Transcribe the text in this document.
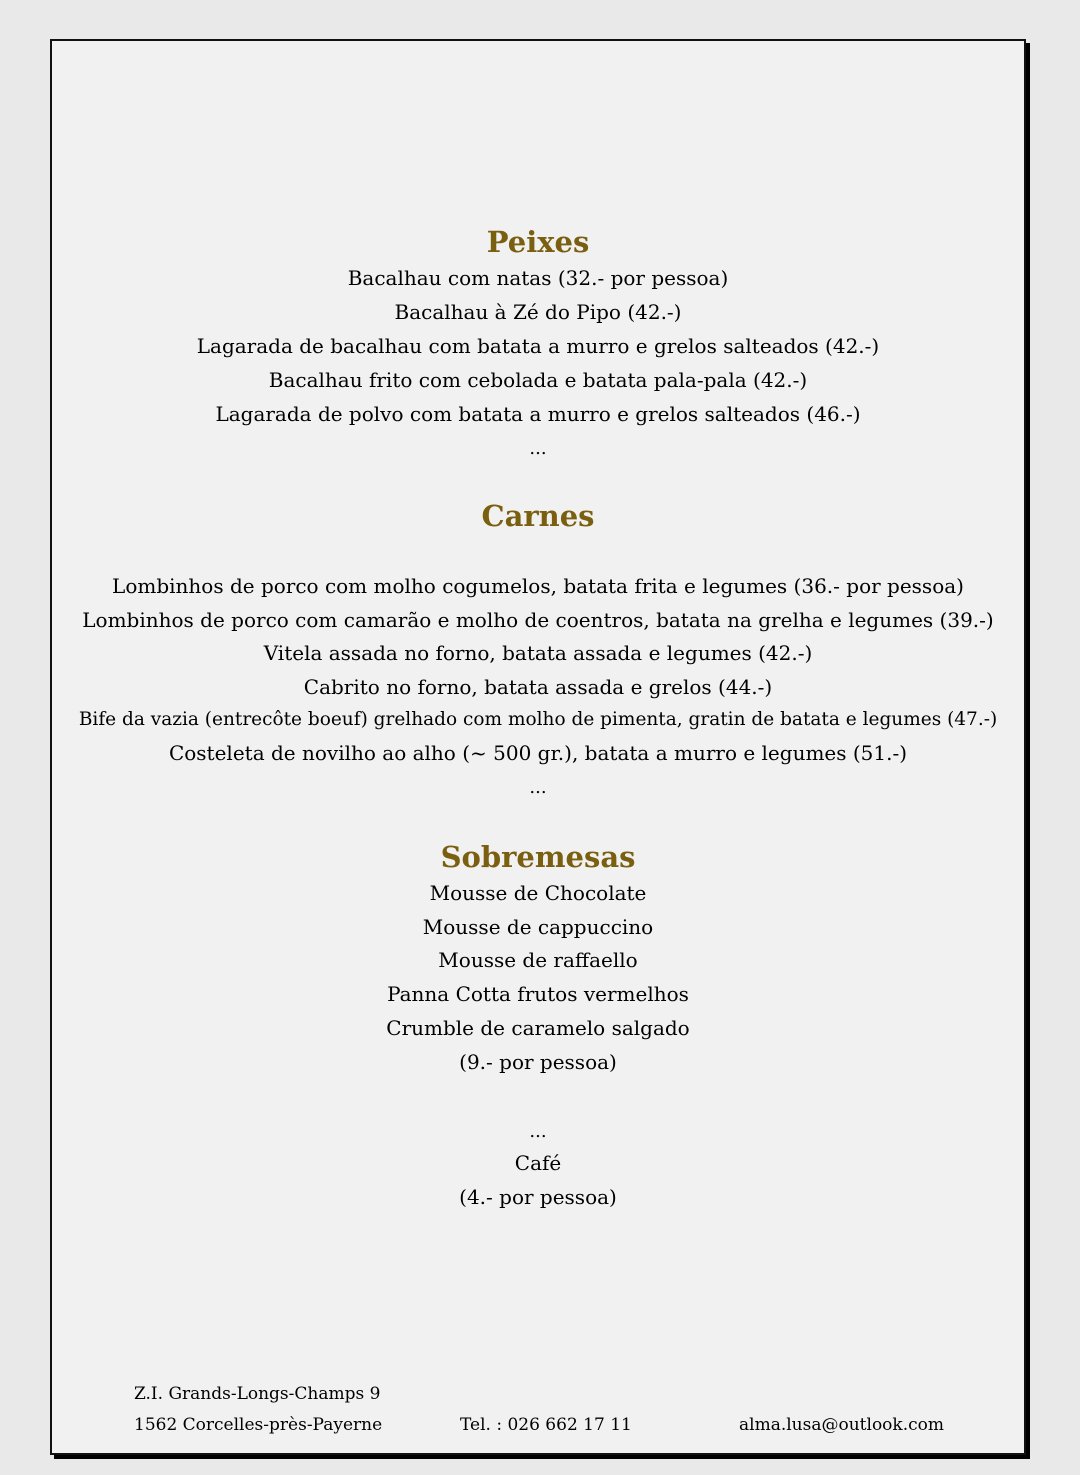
Peixes
Bacalhau com natas (32.- por pessoa)
Bacalhau à Zé do Pipo (42.-)
Lagarada de bacalhau com batata a murro e grelos salteados (42.-)
Bacalhau frito com cebolada e batata pala-pala (42.-)
Lagarada de polvo com batata a murro e grelos salteados (46.-)
...
Carnes
Lombinhos de porco com molho cogumelos, batata frita e legumes (36.- por pessoa)
Lombinhos de porco com camarão e molho de coentros, batata na grelha e legumes (39.-)
Vitela assada no forno, batata assada e legumes (42.-)
Cabrito no forno, batata assada e grelos (44.-)
Bife da vazia (entrecôte boeuf) grelhado com molho de pimenta, gratin de batata e legumes (47.-)
Costeleta de novilho ao alho (~ 500 gr.), batata a murro e legumes (51.-)
...
Sobremesas
Mousse de Chocolate
Mousse de cappuccino
Mousse de raffaello
Panna Cotta frutos vermelhos
Crumble de caramelo salgado
(9.- por pessoa)
...
Café
(4.- por pessoa)
Z.I. Grands-Longs-Champs 9
1562 Corcelles-près-Payerne	Tel. : 026 662 17 11	alma.lusa@outlook.com
